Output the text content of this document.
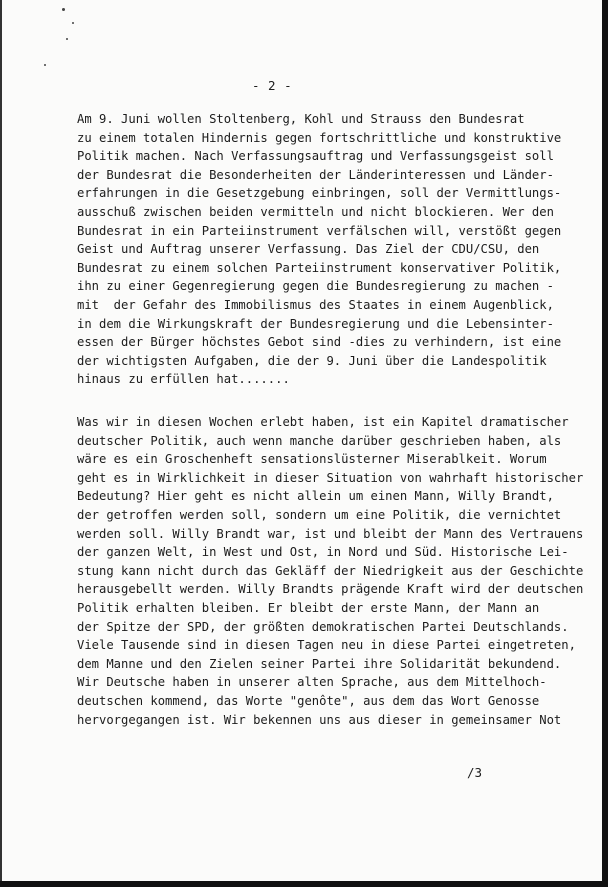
- 2 -
Am 9. Juni wollen Stoltenberg, Kohl und Strauss den Bundesrat
zu einem totalen Hindernis gegen fortschrittliche und konstruktive
Politik machen. Nach Verfassungsauftrag und Verfassungsgeist soll
der Bundesrat die Besonderheiten der Länderinteressen und Länder-
erfahrungen in die Gesetzgebung einbringen, soll der Vermittlungs-
ausschuß zwischen beiden vermitteln und nicht blockieren. Wer den
Bundesrat in ein Parteiinstrument verfälschen will, verstößt gegen
Geist und Auftrag unserer Verfassung. Das Ziel der CDU/CSU, den
Bundesrat zu einem solchen Parteiinstrument konservativer Politik,
ihn zu einer Gegenregierung gegen die Bundesregierung zu machen -
mit  der Gefahr des Immobilismus des Staates in einem Augenblick,
in dem die Wirkungskraft der Bundesregierung und die Lebensinter-
essen der Bürger höchstes Gebot sind -dies zu verhindern, ist eine
der wichtigsten Aufgaben, die der 9. Juni über die Landespolitik
hinaus zu erfüllen hat.......
Was wir in diesen Wochen erlebt haben, ist ein Kapitel dramatischer
deutscher Politik, auch wenn manche darüber geschrieben haben, als
wäre es ein Groschenheft sensationslüsterner Miserablkeit. Worum
geht es in Wirklichkeit in dieser Situation von wahrhaft historischer
Bedeutung? Hier geht es nicht allein um einen Mann, Willy Brandt,
der getroffen werden soll, sondern um eine Politik, die vernichtet
werden soll. Willy Brandt war, ist und bleibt der Mann des Vertrauens
der ganzen Welt, in West und Ost, in Nord und Süd. Historische Lei-
stung kann nicht durch das Gekläff der Niedrigkeit aus der Geschichte
herausgebellt werden. Willy Brandts prägende Kraft wird der deutschen
Politik erhalten bleiben. Er bleibt der erste Mann, der Mann an
der Spitze der SPD, der größten demokratischen Partei Deutschlands.
Viele Tausende sind in diesen Tagen neu in diese Partei eingetreten,
dem Manne und den Zielen seiner Partei ihre Solidarität bekundend.
Wir Deutsche haben in unserer alten Sprache, aus dem Mittelhoch-
deutschen kommend, das Worte "genôte", aus dem das Wort Genosse
hervorgegangen ist. Wir bekennen uns aus dieser in gemeinsamer Not
/3
